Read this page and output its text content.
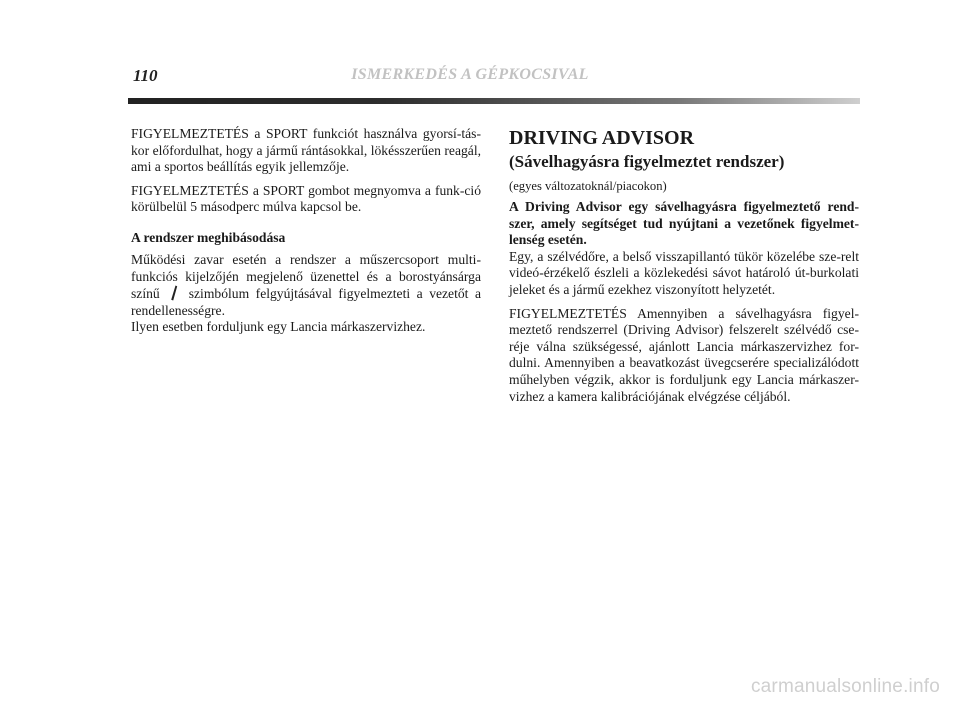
110	ISMERKEDÉS A GÉPKOCSIVAL

FIGYELMEZTETÉS a SPORT funkciót használva gyorsí-táskor előfordulhat, hogy a jármű rántásokkal, lökésszerűen reagál, ami a sportos beállítás egyik jellemzője.

FIGYELMEZTETÉS a SPORT gombot megnyomva a funk-ció körülbelül 5 másodperc múlva kapcsol be.

A rendszer meghibásodása

Működési zavar esetén a rendszer a műszercsoport multi-funkciós kijelzőjén megjelenő üzenettel és a borostyánsárga színű szimbólum felgyújtásával figyelmezteti a vezetőt a rendellenességre.

Ilyen esetben forduljunk egy Lancia márkaszervizhez.

DRIVING ADVISOR
(Sávelhagyásra figyelmeztet rendszer)
(egyes változatoknál/piacokon)

A Driving Advisor egy sávelhagyásra figyelmeztető rend-szer, amely segítséget tud nyújtani a vezetőnek figyelmet-lenség esetén.

Egy, a szélvédőre, a belső visszapillantó tükör közelébe sze-relt videó-érzékelő észleli a közlekedési sávot határoló út-burkolati jeleket és a jármű ezekhez viszonyított helyzetét.

FIGYELMEZTETÉS Amennyiben a sávelhagyásra figyel-meztető rendszerrel (Driving Advisor) felszerelt szélvédő cse-réje válna szükségessé, ajánlott Lancia márkaszervizhez for-dulni. Amennyiben a beavatkozást üvegcserére specializálódott műhelyben végzik, akkor is forduljunk egy Lancia márkaszer-vizhez a kamera kalibrációjának elvégzése céljából.

carmanualsonline.info
